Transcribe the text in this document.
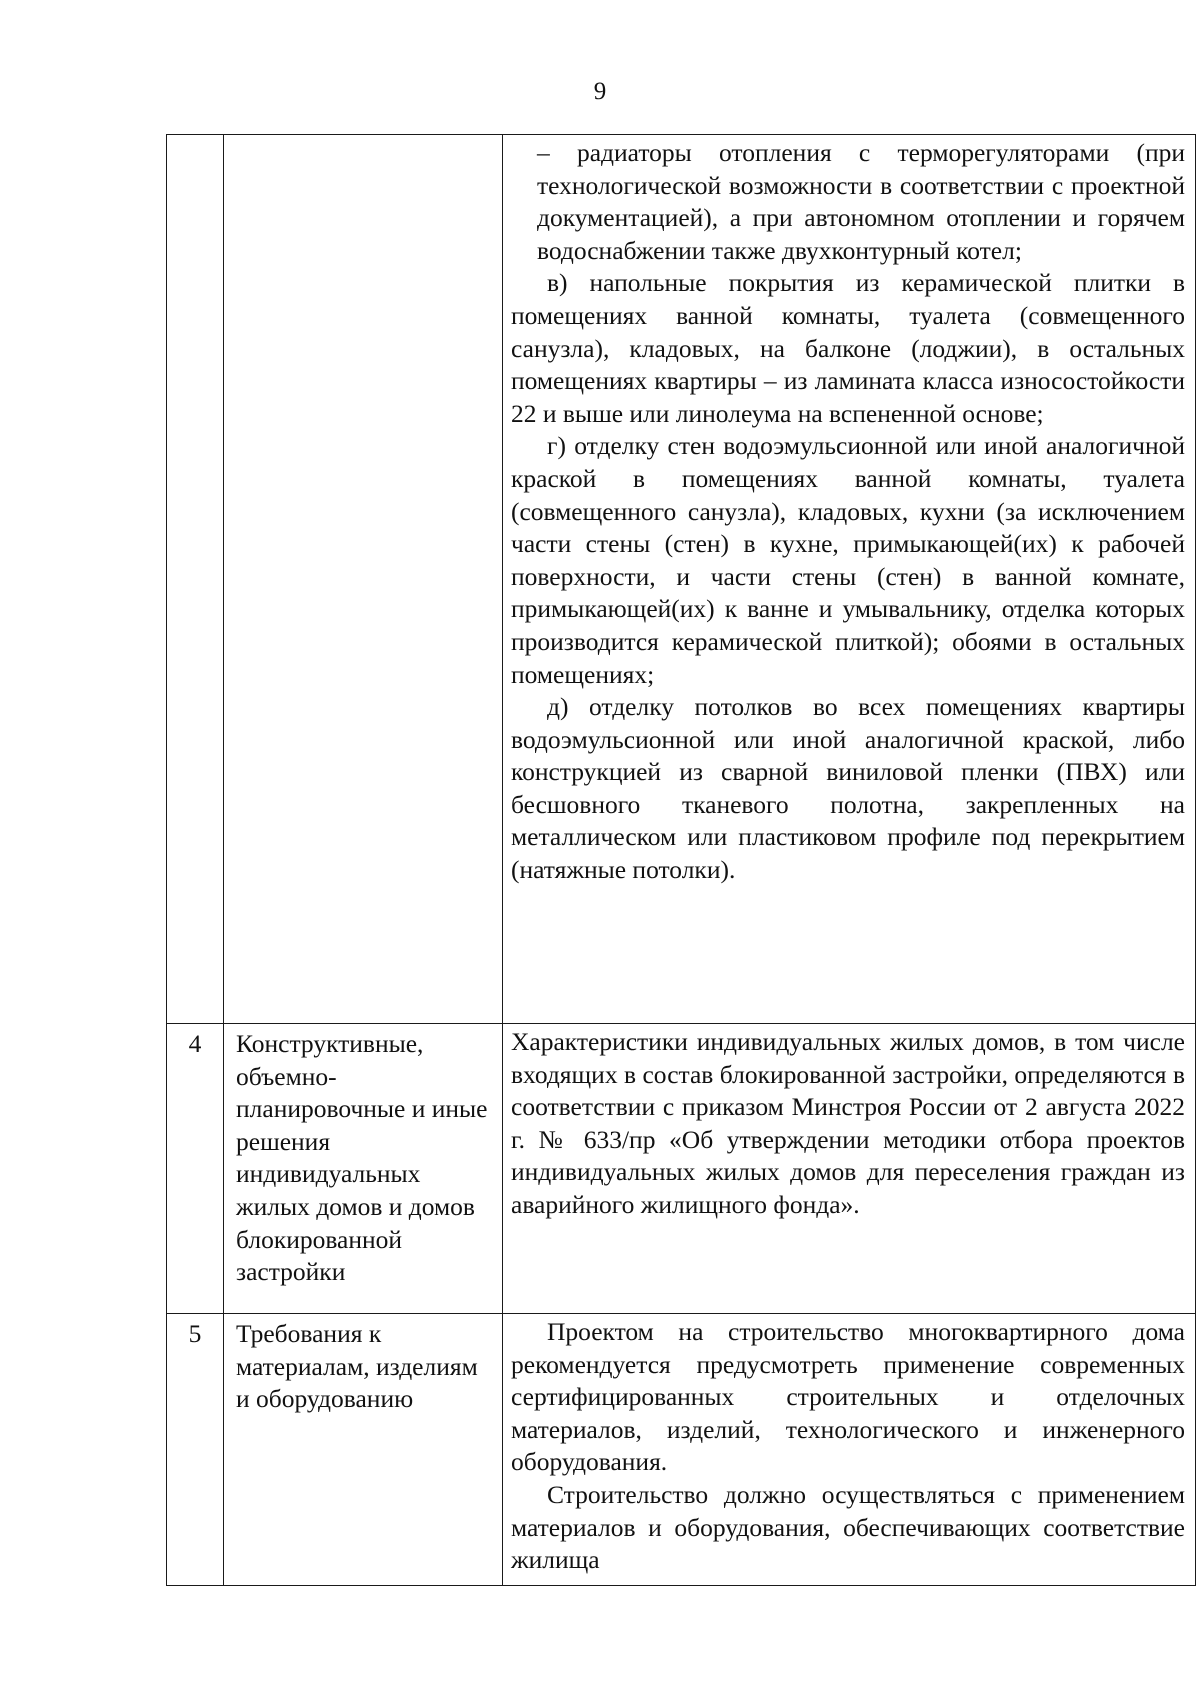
9

		– радиаторы отопления с терморегуляторами (при технологической возможности в соответствии с проектной документацией), а при автономном отоплении и горячем водоснабжении также двухконтурный котел;

в) напольные покрытия из керамической плитки в помещениях ванной комнаты, туалета (совмещенного санузла), кладовых, на балконе (лоджии), в остальных помещениях квартиры – из ламината класса износостойкости 22 и выше или линолеума на вспененной основе;

г) отделку стен водоэмульсионной или иной аналогичной краской в помещениях ванной комнаты, туалета (совмещенного санузла), кладовых, кухни (за исключением части стены (стен) в кухне, примыкающей(их) к рабочей поверхности, и части стены (стен) в ванной комнате, примыкающей(их) к ванне и умывальнику, отделка которых производится керамической плиткой); обоями в остальных помещениях;

д) отделку потолков во всех помещениях квартиры водоэмульсионной или иной аналогичной краской, либо конструкцией из сварной виниловой пленки (ПВХ) или бесшовного тканевого полотна, закрепленных на металлическом или пластиковом профиле под перекрытием (натяжные потолки).

4	Конструктивные, объемно-планировочные и иные решения индивидуальных жилых домов и домов блокированной застройки	Характеристики индивидуальных жилых домов, в том числе входящих в состав блокированной застройки, определяются в соответствии с приказом Минстроя России от 2 августа 2022 г. № 633/пр «Об утверждении методики отбора проектов индивидуальных жилых домов для переселения граждан из аварийного жилищного фонда».

5	Требования к материалам, изделиям и оборудованию	Проектом на строительство многоквартирного дома рекомендуется предусмотреть применение современных сертифицированных строительных и отделочных материалов, изделий, технологического и инженерного оборудования.

Строительство должно осуществляться с применением материалов и оборудования, обеспечивающих соответствие жилища
